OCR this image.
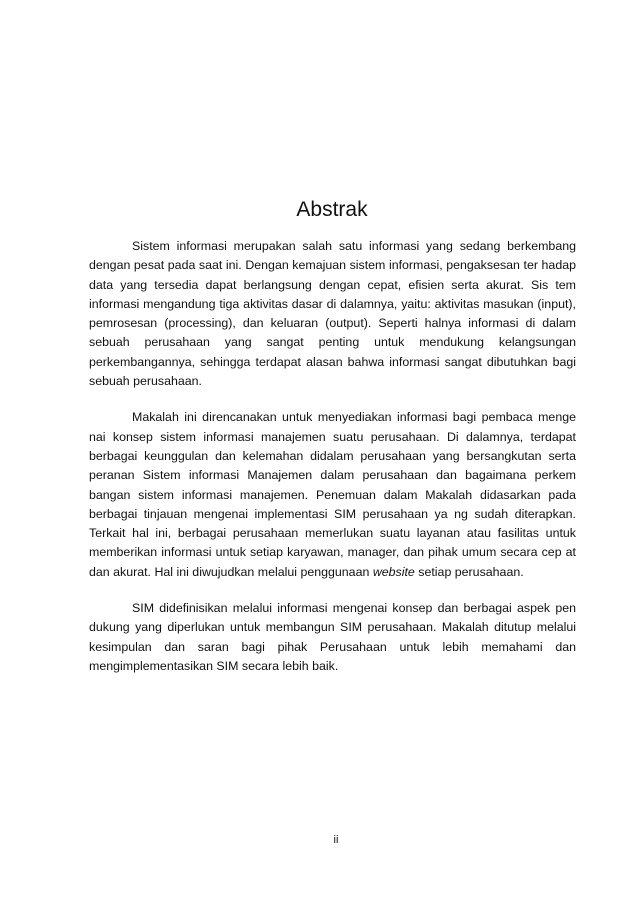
Abstrak

Sistem informasi merupakan salah satu informasi yang sedang berkembang dengan pesat pada saat ini. Dengan kemajuan sistem informasi, pengaksesan ter hadap data yang tersedia dapat berlangsung dengan cepat, efisien serta akurat. Sis tem informasi mengandung tiga aktivitas dasar di dalamnya, yaitu: aktivitas masukan (input), pemrosesan (processing), dan keluaran (output). Seperti halnya informasi di dalam sebuah perusahaan yang sangat penting untuk mendukung kelangsungan perkembangannya, sehingga terdapat alasan bahwa informasi sangat dibutuhkan bagi sebuah perusahaan.

Makalah ini direncanakan untuk menyediakan informasi bagi pembaca menge nai konsep sistem informasi manajemen suatu perusahaan. Di dalamnya, terdapat berbagai keunggulan dan kelemahan didalam perusahaan yang bersangkutan serta peranan Sistem informasi Manajemen dalam perusahaan dan bagaimana perkem bangan sistem informasi manajemen. Penemuan dalam Makalah didasarkan pada berbagai tinjauan mengenai implementasi SIM perusahaan ya ng sudah diterapkan. Terkait hal ini, berbagai perusahaan memerlukan suatu layanan atau fasilitas untuk memberikan informasi untuk setiap karyawan, manager, dan pihak umum secara cep at dan akurat. Hal ini diwujudkan melalui penggunaan website setiap perusahaan.

SIM didefinisikan melalui informasi mengenai konsep dan berbagai aspek pen dukung yang diperlukan untuk membangun SIM perusahaan. Makalah ditutup melalui kesimpulan dan saran bagi pihak Perusahaan untuk lebih memahami dan mengimplementasikan SIM secara lebih baik.

ii
